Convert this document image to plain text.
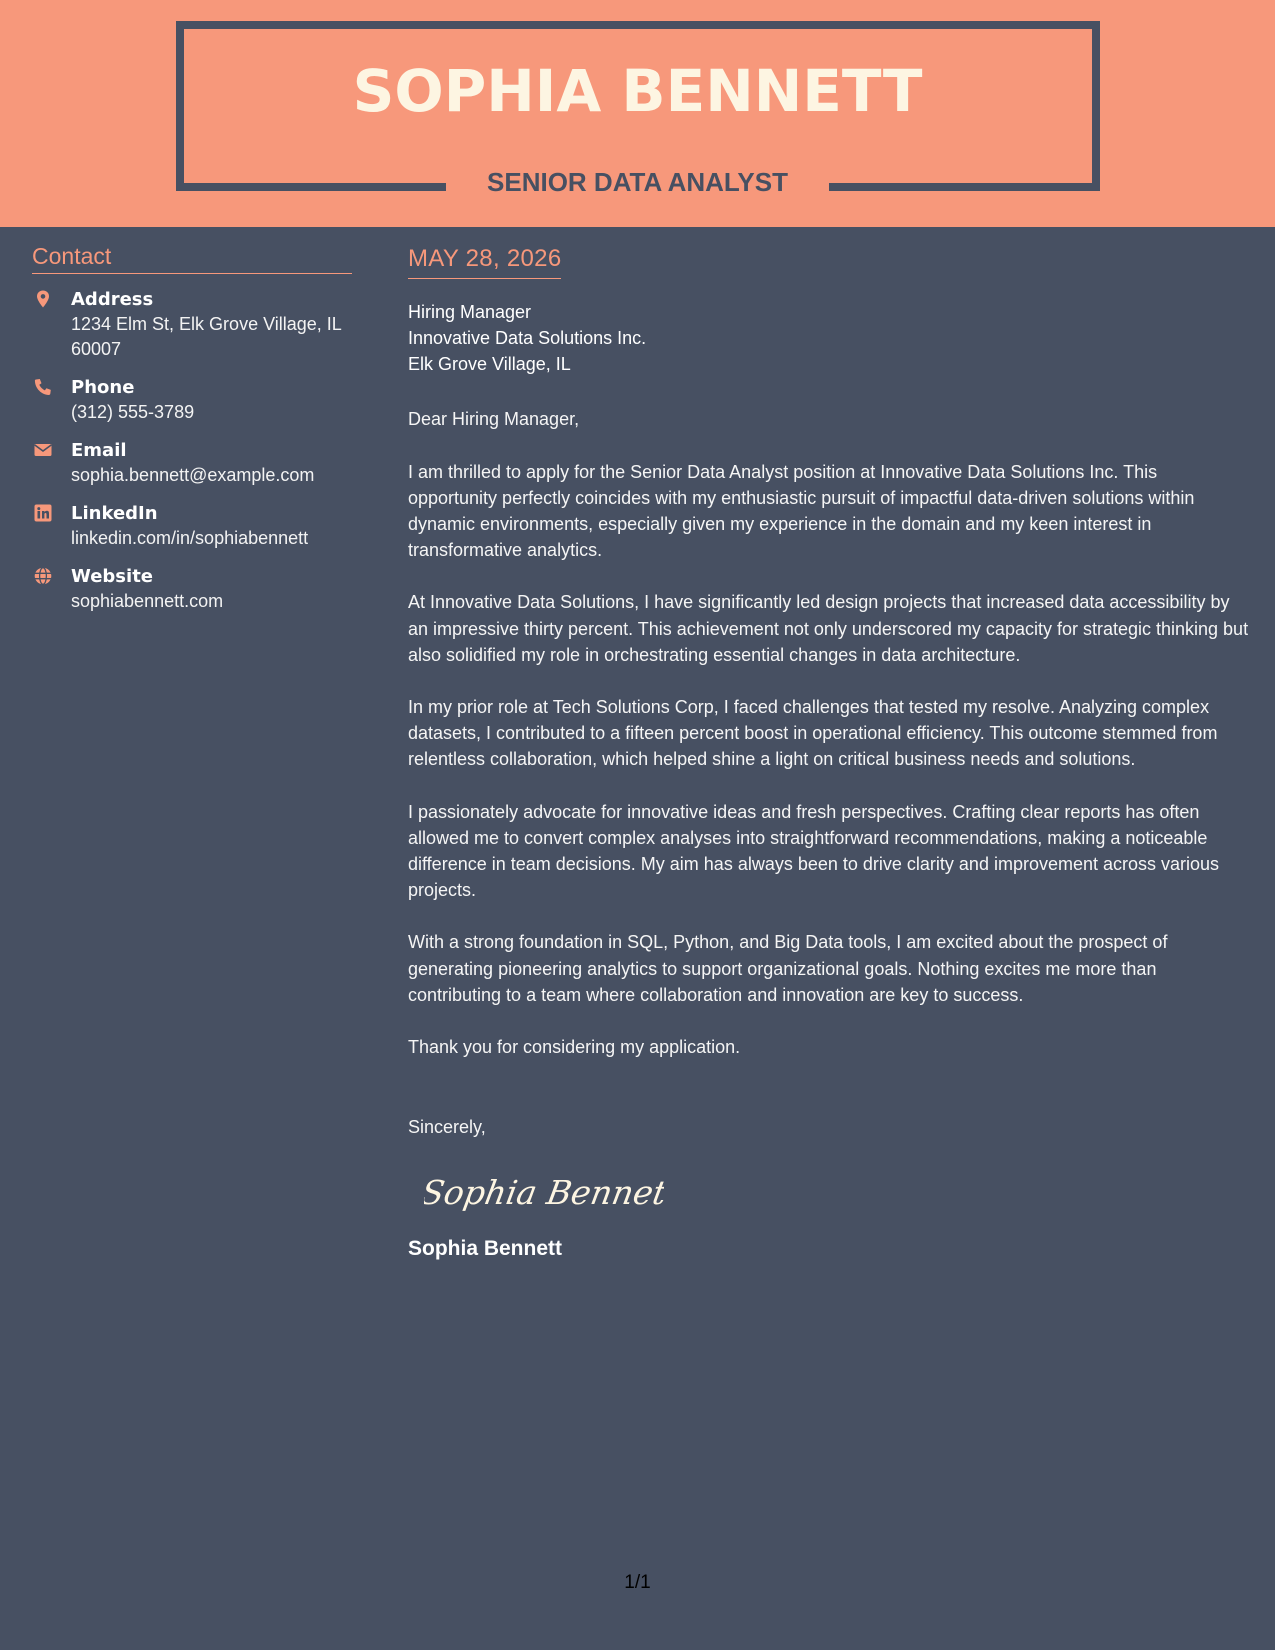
SOPHIA BENNETT
SENIOR DATA ANALYST
Contact
Address
1234 Elm St, Elk Grove Village, IL 60007
Phone
(312) 555-3789
Email
sophia.bennett@example.com
LinkedIn
linkedin.com/in/sophiabennett
Website
sophiabennett.com
MAY 28, 2026
Hiring Manager
Innovative Data Solutions Inc.
Elk Grove Village, IL
Dear Hiring Manager,
I am thrilled to apply for the Senior Data Analyst position at Innovative Data Solutions Inc. This opportunity perfectly coincides with my enthusiastic pursuit of impactful data-driven solutions within dynamic environments, especially given my experience in the domain and my keen interest in transformative analytics.
At Innovative Data Solutions, I have significantly led design projects that increased data accessibility by an impressive thirty percent. This achievement not only underscored my capacity for strategic thinking but also solidified my role in orchestrating essential changes in data architecture.
In my prior role at Tech Solutions Corp, I faced challenges that tested my resolve. Analyzing complex datasets, I contributed to a fifteen percent boost in operational efficiency. This outcome stemmed from relentless collaboration, which helped shine a light on critical business needs and solutions.
I passionately advocate for innovative ideas and fresh perspectives. Crafting clear reports has often allowed me to convert complex analyses into straightforward recommendations, making a noticeable difference in team decisions. My aim has always been to drive clarity and improvement across various projects.
With a strong foundation in SQL, Python, and Big Data tools, I am excited about the prospect of generating pioneering analytics to support organizational goals. Nothing excites me more than contributing to a team where collaboration and innovation are key to success.
Thank you for considering my application.
Sincerely,
Sophia Bennett
Sophia Bennett
1/1
